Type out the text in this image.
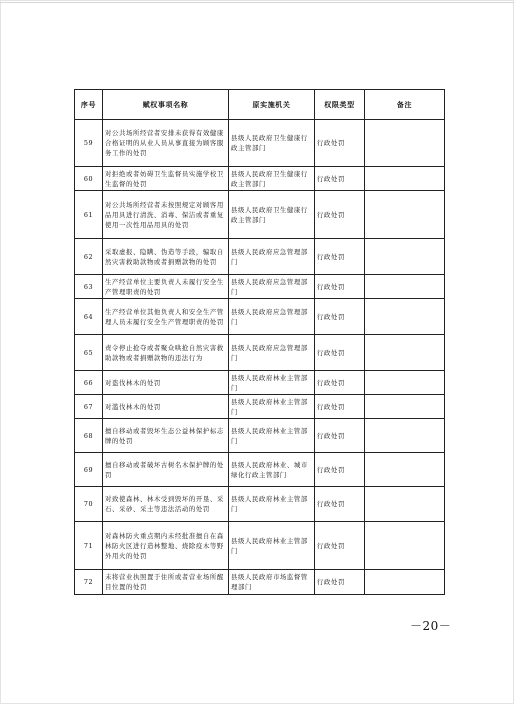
序号	赋权事项名称	原实施机关	权限类型	备注
59	对公共场所经营者安排未获得有效健康合格证明的从业人员从事直接为顾客服务工作的处罚	县级人民政府卫生健康行政主管部门	行政处罚	
60	对拒绝或者妨碍卫生监督员实施学校卫生监督的处罚	县级人民政府卫生健康行政主管部门	行政处罚	
61	对公共场所经营者未按照规定对顾客用品用具进行清洗、消毒、保洁或者重复使用一次性用品用具的处罚	县级人民政府卫生健康行政主管部门	行政处罚	
62	采取虚报、隐瞒、伪造等手段，骗取自然灾害救助款物或者捐赠款物的处罚	县级人民政府应急管理部门	行政处罚	
63	生产经营单位主要负责人未履行安全生产管理职责的处罚	县级人民政府应急管理部门	行政处罚	
64	生产经营单位其他负责人和安全生产管理人员未履行安全生产管理职责的处罚	县级人民政府应急管理部门	行政处罚	
65	责令停止抢夺或者聚众哄抢自然灾害救助款物或者捐赠款物的违法行为	县级人民政府应急管理部门	行政处罚	
66	对盗伐林木的处罚	县级人民政府林业主管部门	行政处罚	
67	对滥伐林木的处罚	县级人民政府林业主管部门	行政处罚	
68	擅自移动或者毁坏生态公益林保护标志牌的处罚	县级人民政府林业主管部门	行政处罚	
69	擅自移动或者破坏古树名木保护牌的处罚	县级人民政府林业、城市绿化行政主管部门	行政处罚	
70	对致使森林、林木受到毁坏的开垦、采石、采砂、采土等违法活动的处罚	县级人民政府林业主管部门	行政处罚	
71	对森林防火重点期内未经批准擅自在森林防火区进行造林整地、烧除疫木等野外用火的处罚	县级人民政府林业主管部门	行政处罚	
72	未将营业执照置于住所或者营业场所醒目位置的处罚	县级人民政府市场监督管理部门	行政处罚	
－20－
